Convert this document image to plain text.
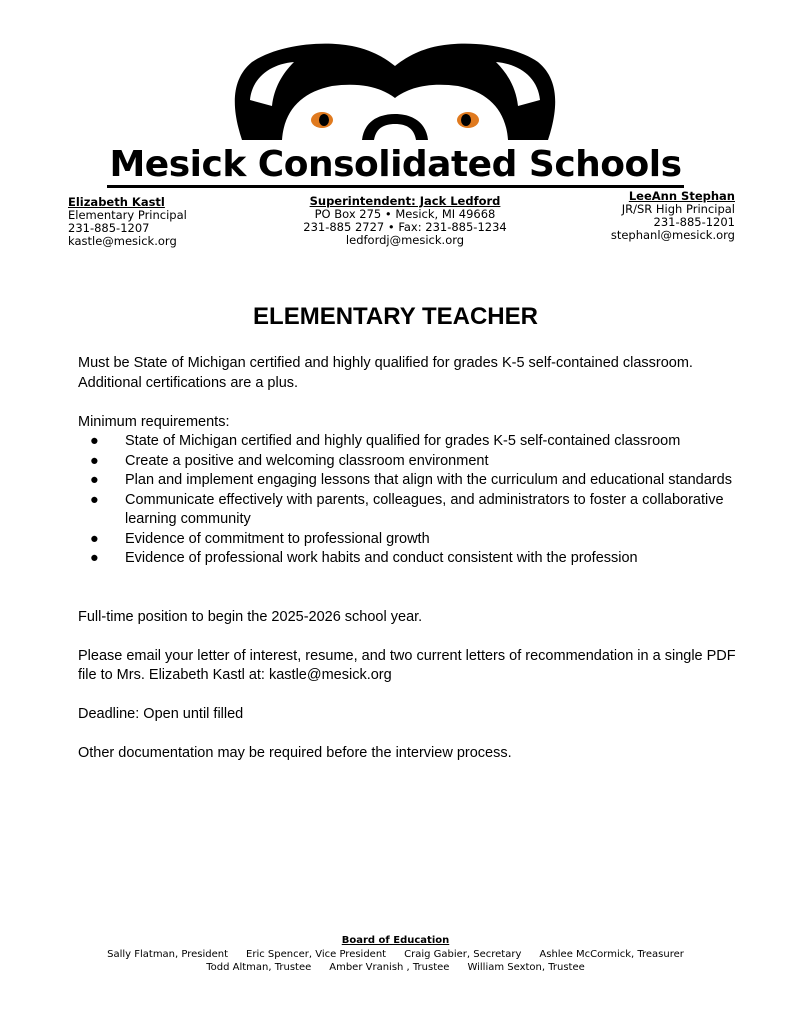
Mesick Consolidated Schools
Elizabeth Kastl
Elementary Principal
231-885-1207
kastle@mesick.org
Superintendent: Jack Ledford
PO Box 275 • Mesick, MI 49668
231-885 2727 • Fax: 231-885-1234
ledfordj@mesick.org
LeeAnn Stephan
JR/SR High Principal
231-885-1201
stephanl@mesick.org
ELEMENTARY TEACHER

Must be State of Michigan certified and highly qualified for grades K-5 self-contained classroom. Additional certifications are a plus.

Minimum requirements:

● State of Michigan certified and highly qualified for grades K-5 self-contained classroom
● Create a positive and welcoming classroom environment
● Plan and implement engaging lessons that align with the curriculum and educational standards
● Communicate effectively with parents, colleagues, and administrators to foster a collaborative learning community
● Evidence of commitment to professional growth
● Evidence of professional work habits and conduct consistent with the profession

Full-time position to begin the 2025-2026 school year.

Please email your letter of interest, resume, and two current letters of recommendation in a single PDF file to Mrs. Elizabeth Kastl at: kastle@mesick.org

Deadline: Open until filled

Other documentation may be required before the interview process.

Board of Education
Sally Flatman, President Eric Spencer, Vice President Craig Gabier, Secretary Ashlee McCormick, Treasurer
Todd Altman, Trustee Amber Vranish , Trustee William Sexton, Trustee
